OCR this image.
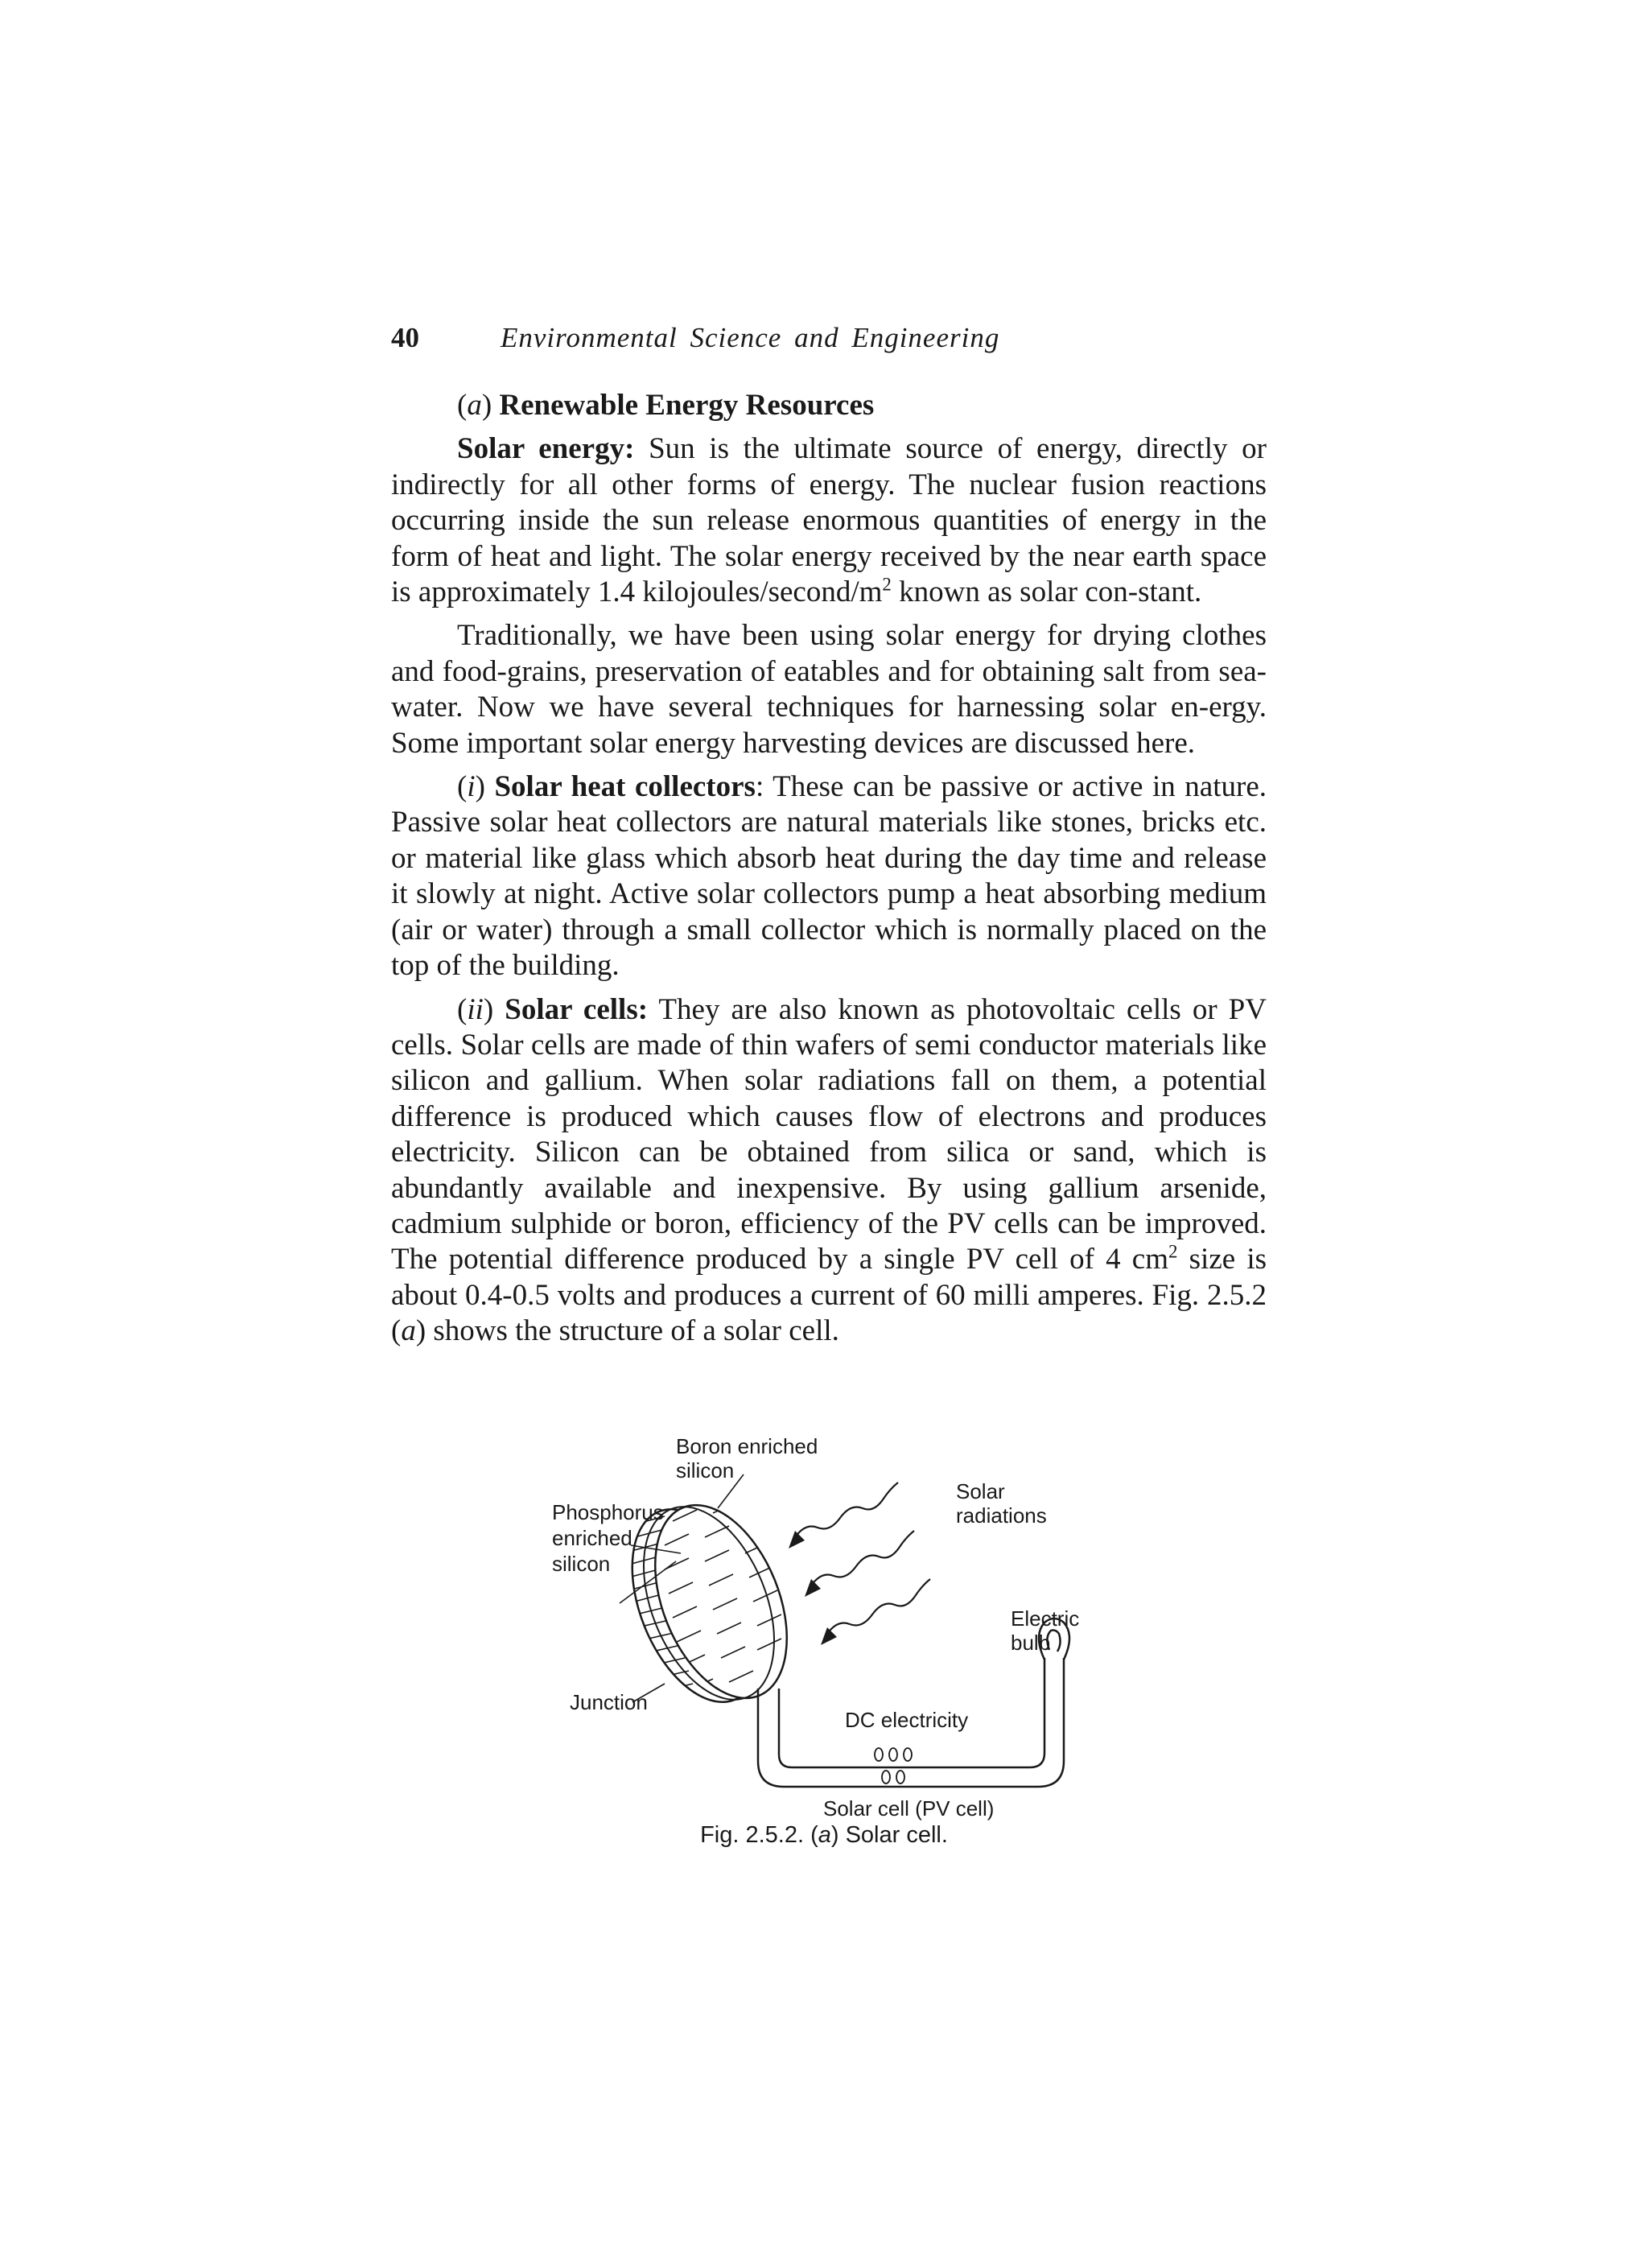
40	Environmental Science and Engineering

(a) Renewable Energy Resources

Solar energy: Sun is the ultimate source of energy, directly or indirectly for all other forms of energy. The nuclear fusion reactions occurring inside the sun release enormous quantities of energy in the form of heat and light. The solar energy received by the near earth space is approximately 1.4 kilojoules/$second/m^2$ known as solar con-stant.

Traditionally, we have been using solar energy for drying clothes and food-grains, preservation of eatables and for obtaining salt from sea-water. Now we have several techniques for harnessing solar en-ergy. Some important solar energy harvesting devices are discussed here.

(i) Solar heat collectors: These can be passive or active in nature. Passive solar heat collectors are natural materials like stones, bricks etc. or material like glass which absorb heat during the day time and release it slowly at night. Active solar collectors pump a heat absorbing medium (air or water) through a small collector which is normally placed on the top of the building.

(ii) Solar cells: They are also known as photovoltaic cells or PV cells. Solar cells are made of thin wafers of semi conductor materials like silicon and gallium. When solar radiations fall on them, a potential difference is produced which causes flow of electrons and produces electricity. Silicon can be obtained from silica or sand, which is abundantly available and inexpensive. By using gallium arsenide, cadmium sulphide or boron, efficiency of the PV cells can be improved. The potential difference produced by a single PV cell of 4 $cm^2$ size is about 0.4-0.5 volts and produces a current of 60 milli amperes. Fig. 2.5.2 (a) shows the structure of a solar cell.

Boron enriched
silicon
Phosphorus
enriched
silicon
Solar
radiations
Electric
bulb
Junction
DC electricity
Solar cell (PV cell)
Fig. 2.5.2. (a) Solar cell.
